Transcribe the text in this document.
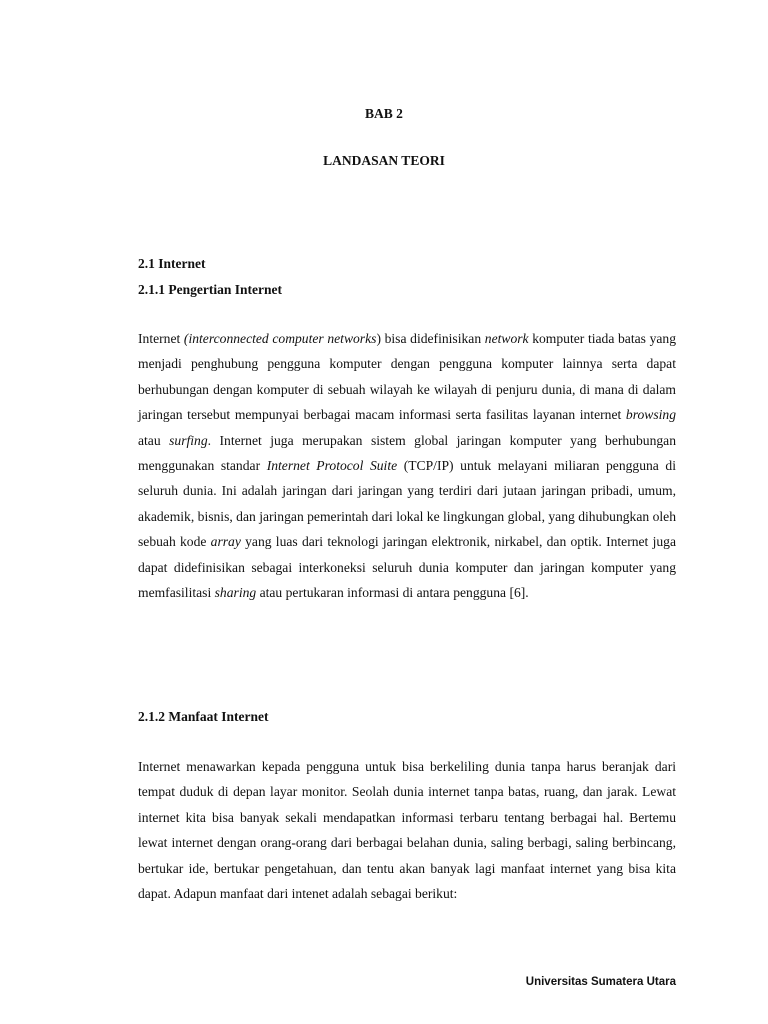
BAB 2

LANDASAN TEORI

2.1 Internet

2.1.1 Pengertian Internet

Internet (interconnected computer networks) bisa didefinisikan network komputer tiada batas yang menjadi penghubung pengguna komputer dengan pengguna komputer lainnya serta dapat berhubungan dengan komputer di sebuah wilayah ke wilayah di penjuru dunia, di mana di dalam jaringan tersebut mempunyai berbagai macam informasi serta fasilitas layanan internet browsing atau surfing. Internet juga merupakan sistem global jaringan komputer yang berhubungan menggunakan standar Internet Protocol Suite (TCP/IP) untuk melayani miliaran pengguna di seluruh dunia. Ini adalah jaringan dari jaringan yang terdiri dari jutaan jaringan pribadi, umum, akademik, bisnis, dan jaringan pemerintah dari lokal ke lingkungan global, yang dihubungkan oleh sebuah kode array yang luas dari teknologi jaringan elektronik, nirkabel, dan optik. Internet juga dapat didefinisikan sebagai interkoneksi seluruh dunia komputer dan jaringan komputer yang memfasilitasi sharing atau pertukaran informasi di antara pengguna [6].

2.1.2 Manfaat Internet

Internet menawarkan kepada pengguna untuk bisa berkeliling dunia tanpa harus beranjak dari tempat duduk di depan layar monitor. Seolah dunia internet tanpa batas, ruang, dan jarak. Lewat internet kita bisa banyak sekali mendapatkan informasi terbaru tentang berbagai hal. Bertemu lewat internet dengan orang-orang dari berbagai belahan dunia, saling berbagi, saling berbincang, bertukar ide, bertukar pengetahuan, dan tentu akan banyak lagi manfaat internet yang bisa kita dapat. Adapun manfaat dari intenet adalah sebagai berikut:

Universitas Sumatera Utara
